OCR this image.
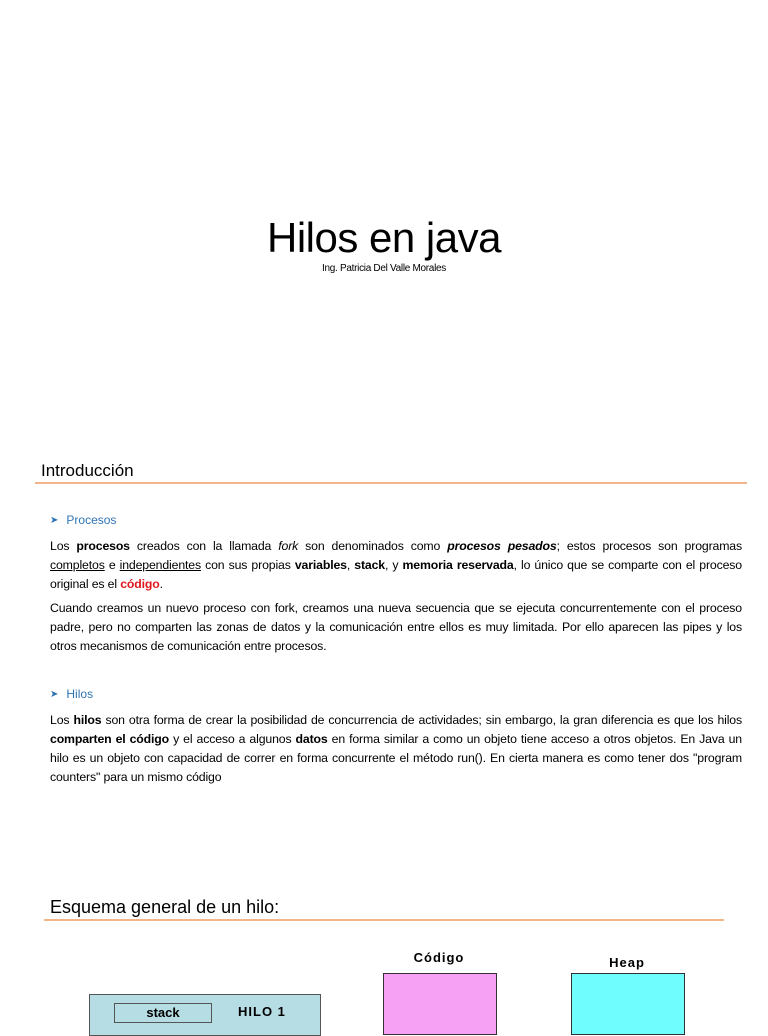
Hilos en java
Ing. Patricia Del Valle Morales
Introducción
➤ Procesos
Los procesos creados con la llamada fork son denominados como procesos pesados; estos procesos son programas completos e independientes con sus propias variables, stack, y memoria reservada, lo único que se comparte con el proceso original es el código.
Cuando creamos un nuevo proceso con fork, creamos una nueva secuencia que se ejecuta concurrentemente con el proceso padre, pero no comparten las zonas de datos y la comunicación entre ellos es muy limitada. Por ello aparecen las pipes y los otros mecanismos de comunicación entre procesos.
➤ Hilos
Los hilos son otra forma de crear la posibilidad de concurrencia de actividades; sin embargo, la gran diferencia es que los hilos comparten el código y el acceso a algunos datos en forma similar a como un objeto tiene acceso a otros objetos. En Java un hilo es un objeto con capacidad de correr en forma concurrente el método run(). En cierta manera es como tener dos "program counters" para un mismo código
Esquema general de un hilo:
Código	Heap
stack	HILO 1
